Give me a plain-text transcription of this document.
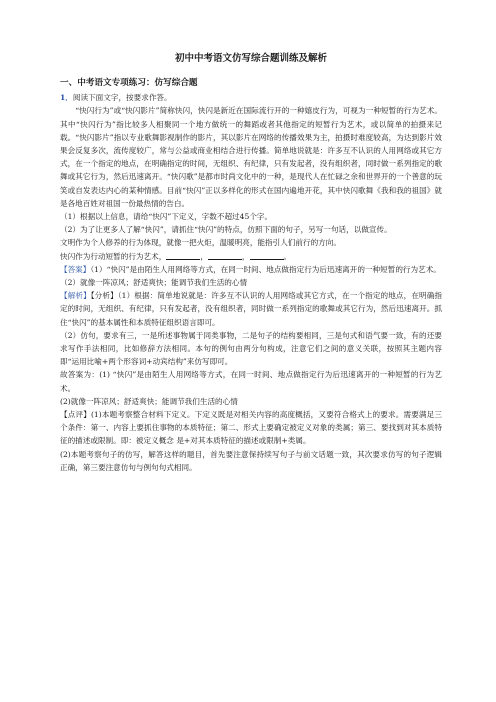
初中中考语文仿写综合题训练及解析
一、中考语文专项练习：仿写综合题

1．阅读下面文字，按要求作答。

“快闪行为”或“快闪影片”简称快闪，快闪是新近在国际流行开的一种嬉皮行为，可视为一种短暂的行为艺术。其中“快闪行为”指比较多人相聚同一个地方做统一的舞蹈或者其他指定的短暂行为艺术，或以简单的拍摄来记载。“快闪影片”指以专业歌舞影视制作的影片，其以影片在网络的传播效果为主，拍摄时难度较高，为达到影片效果会反复多次，流传度较广，常与公益或商业相结合进行传播。简单地说就是：许多互不认识的人用网络或其它方式，在一个指定的地点，在明确指定的时间，无组织、有纪律，只有发起者，没有组织者，同时做一系列指定的歌舞或其它行为，然后迅速离开。“快闪歌”是都市时尚文化中的一种，是现代人在忙碌之余和世界开的一个善意的玩笑或自发表达内心的某种情感。目前“快闪”正以多样化的形式在国内遍地开花，其中快闪歌舞《我和我的祖国》就是各地百姓对祖国一份最热情的告白。

（1）根据以上信息，请给“快闪”下定义，字数不超过45个字。

（2）为了让更多人了解“快闪”，请抓住“快闪”的特点，仿照下面的句子，另写一句话，以做宣传。

文明作为个人修养的行为体现，就像一把火炬，温暖明亮，能指引人们前行的方向。

快闪作为行动短暂的行为艺术，	，	，	。

【答案】（1）“快闪”是由陌生人用网络等方式，在同一时间、地点做指定行为后迅速离开的一种短暂的行为艺术。

（2）就像一阵凉风；舒适爽快；能调节我们生活的心情

【解析】【分析】（1）根据：简单地说就是：许多互不认识的人用网络或其它方式，在一个指定的地点，在明确指定的时间，无组织、有纪律，只有发起者，没有组织者，同时做一系列指定的歌舞或其它行为，然后迅速离开。抓住“快闪”的基本属性和本质特征组织语言即可。

（2）仿句，要求有三，一是所述事物属于同类事物，二是句子的结构要相同，三是句式和语气要一致，有的还要求写作手法相同，比如修辞方法相同。本句的例句由两分句构成，注意它们之间的意义关联，按照其主题内容即“运用比喻+两个形容词+动宾结构”来仿写即可。

故答案为：(1) “快闪”是由陌生人用网络等方式，在同一时间、地点做指定行为后迅速离开的一种短暂的行为艺术。

(2)就像一阵凉风；舒适爽快；能调节我们生活的心情

【点评】(1)本题考察整合材料下定义。下定义既是对相关内容的高度概括，又要符合格式上的要求。需要满足三个条件：第一、内容上要抓住事物的本质特征；第二、形式上要确定被定义对象的类属；第三、要找到对其本质特征的描述或限制。即：被定义概念 是+对其本质特征的描述或限制+类属。

(2)本题考察句子的仿写，解答这样的题目，首先要注意保持续写句子与前文话题一致，其次要求仿写的句子逻辑正确，第三要注意仿句与例句句式相同。
